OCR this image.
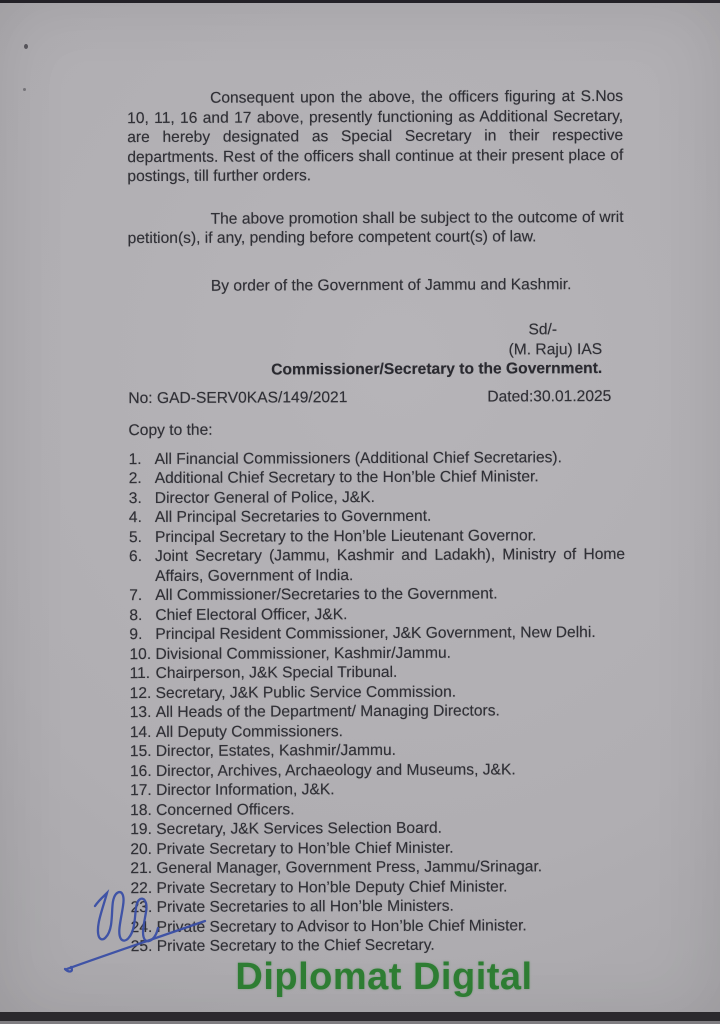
Consequent upon the above, the officers figuring at S.Nos 10, 11, 16 and 17 above, presently functioning as Additional Secretary, are hereby designated as Special Secretary in their respective departments. Rest of the officers shall continue at their present place of postings, till further orders.

The above promotion shall be subject to the outcome of writ petition(s), if any, pending before competent court(s) of law.

By order of the Government of Jammu and Kashmir.

Sd/-
(M. Raju) IAS
Commissioner/Secretary to the Government.
No: GAD-SERV0KAS/149/2021	Dated:30.01.2025
Copy to the:
1. All Financial Commissioners (Additional Chief Secretaries).
2. Additional Chief Secretary to the Hon’ble Chief Minister.
3. Director General of Police, J&K.
4. All Principal Secretaries to Government.
5. Principal Secretary to the Hon’ble Lieutenant Governor.
6. Joint Secretary (Jammu, Kashmir and Ladakh), Ministry of Home Affairs, Government of India.
7. All Commissioner/Secretaries to the Government.
8. Chief Electoral Officer, J&K.
9. Principal Resident Commissioner, J&K Government, New Delhi.
10. Divisional Commissioner, Kashmir/Jammu.
11. Chairperson, J&K Special Tribunal.
12. Secretary, J&K Public Service Commission.
13. All Heads of the Department/ Managing Directors.
14. All Deputy Commissioners.
15. Director, Estates, Kashmir/Jammu.
16. Director, Archives, Archaeology and Museums, J&K.
17. Director Information, J&K.
18. Concerned Officers.
19. Secretary, J&K Services Selection Board.
20. Private Secretary to Hon’ble Chief Minister.
21. General Manager, Government Press, Jammu/Srinagar.
22. Private Secretary to Hon’ble Deputy Chief Minister.
23. Private Secretaries to all Hon’ble Ministers.
24. Private Secretary to Advisor to Hon’ble Chief Minister.
25. Private Secretary to the Chief Secretary.
Diplomat Digital
